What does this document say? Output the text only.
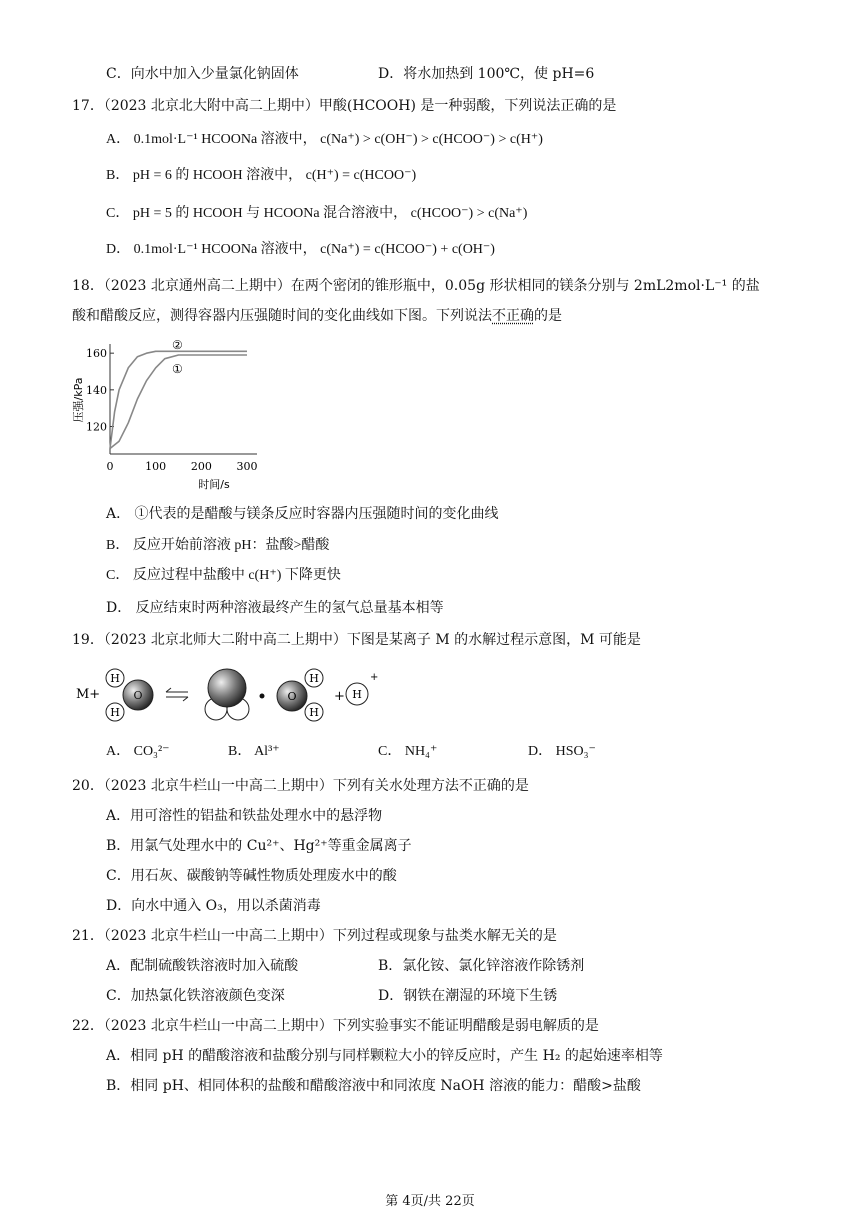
C．向水中加入少量氯化钠固体	D．将水加热到 100℃，使 pH=6
17．（2023 北京北大附中高二上期中）甲酸(HCOOH) 是一种弱酸，下列说法正确的是
A． 0.1mol·L⁻¹ HCOONa 溶液中， c(Na⁺) > c(OH⁻) > c(HCOO⁻) > c(H⁺)
B． pH = 6 的 HCOOH 溶液中， c(H⁺) = c(HCOO⁻)
C． pH = 5 的 HCOOH 与 HCOONa 混合溶液中， c(HCOO⁻) > c(Na⁺)
D． 0.1mol·L⁻¹ HCOONa 溶液中， c(Na⁺) = c(HCOO⁻) + c(OH⁻)
18．（2023 北京通州高二上期中）在两个密闭的锥形瓶中，0.05g 形状相同的镁条分别与 2mL2mol·L⁻¹ 的盐
酸和醋酸反应，测得容器内压强随时间的变化曲线如下图。下列说法不正确的是
0	100 200 300
120
140
160
压强/kPa
时间/s
②
①
A． ①代表的是醋酸与镁条反应时容器内压强随时间的变化曲线
B． 反应开始前溶液 pH：盐酸>醋酸
C． 反应过程中盐酸中 c(H⁺) 下降更快
D． 反应结束时两种溶液最终产生的氢气总量基本相等
19．（2023 北京北师大二附中高二上期中）下图是某离子 M 的水解过程示意图，M 可能是
M+
H
H
O	O
H
H
+ H
+
A． CO₃²⁻	B． Al³⁺	C． NH₄⁺	D． HSO₃⁻
20．（2023 北京牛栏山一中高二上期中）下列有关水处理方法不正确的是
A．用可溶性的铝盐和铁盐处理水中的悬浮物
B．用氯气处理水中的 Cu²⁺、Hg²⁺等重金属离子
C．用石灰、碳酸钠等碱性物质处理废水中的酸
D．向水中通入 O₃，用以杀菌消毒
21．（2023 北京牛栏山一中高二上期中）下列过程或现象与盐类水解无关的是
A．配制硫酸铁溶液时加入硫酸	B．氯化铵、氯化锌溶液作除锈剂
C．加热氯化铁溶液颜色变深	D．钢铁在潮湿的环境下生锈
22．（2023 北京牛栏山一中高二上期中）下列实验事实不能证明醋酸是弱电解质的是
A．相同 pH 的醋酸溶液和盐酸分别与同样颗粒大小的锌反应时，产生 H₂ 的起始速率相等
B．相同 pH、相同体积的盐酸和醋酸溶液中和同浓度 NaOH 溶液的能力：醋酸>盐酸
第 4页/共 22页
